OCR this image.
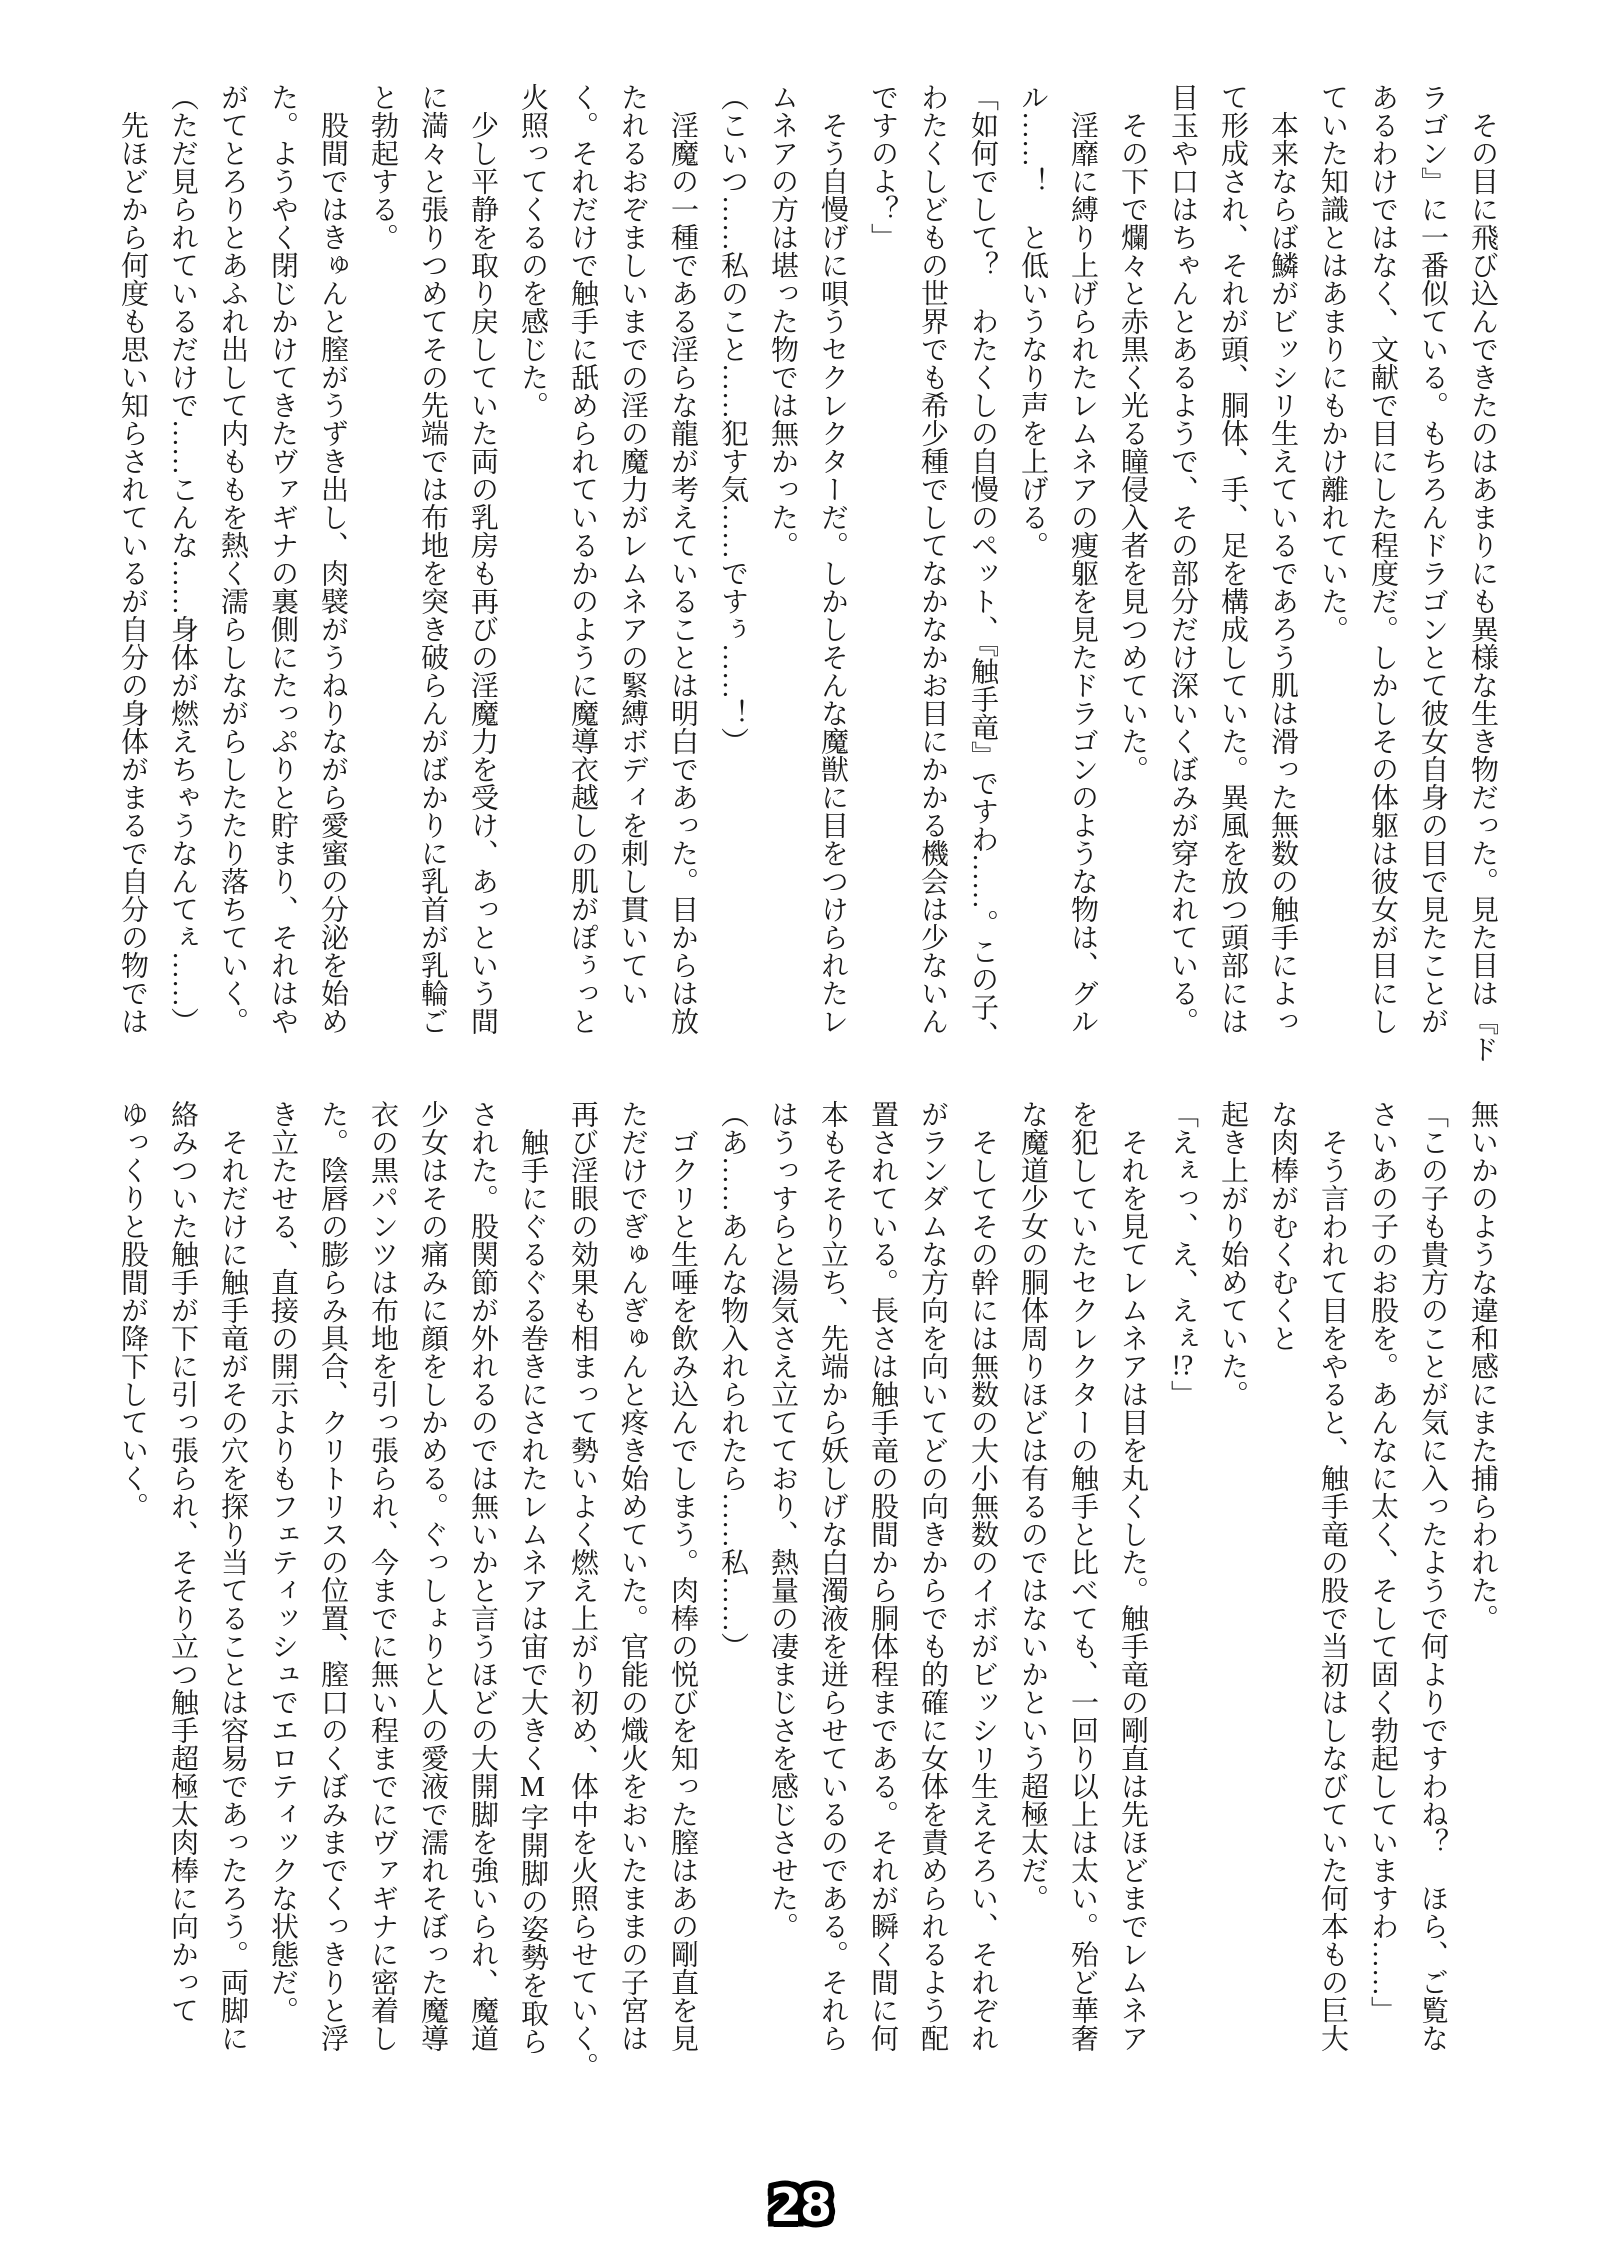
　その目に飛び込んできたのはあまりにも異様な生き物だった。見た目は『ド
ラゴン』に一番似ている。もちろんドラゴンとて彼女自身の目で見たことが
あるわけではなく、文献で目にした程度だ。しかしその体躯は彼女が目にし
ていた知識とはあまりにもかけ離れていた。
　本来ならば鱗がビッシリ生えているであろう肌は滑った無数の触手によっ
て形成され、それが頭、胴体、手、足を構成していた。異風を放つ頭部には
目玉や口はちゃんとあるようで、その部分だけ深いくぼみが穿たれている。
　その下で爛々と赤黒く光る瞳侵入者を見つめていた。
　淫靡に縛り上げられたレムネアの痩躯を見たドラゴンのような物は、グル
ル……！　と低いうなり声を上げる。
「如何でして？　わたくしの自慢のペット、『触手竜』ですわ……。この子、
わたくしどもの世界でも希少種でしてなかなかお目にかかる機会は少ないん
ですのよ？」
　そう自慢げに唄うセクレクターだ。しかしそんな魔獣に目をつけられたレ
ムネアの方は堪った物では無かった。
（こいつ……私のこと……犯す気……ですぅ……！）
　淫魔の一種である淫らな龍が考えていることは明白であった。目からは放
たれるおぞましいまでの淫の魔力がレムネアの緊縛ボディを刺し貫いてい
く。それだけで触手に舐められているかのように魔導衣越しの肌がぽぅっと
火照ってくるのを感じた。
　少し平静を取り戻していた両の乳房も再びの淫魔力を受け、あっという間
に満々と張りつめてその先端では布地を突き破らんがばかりに乳首が乳輪ご
と勃起する。
　股間ではきゅんと膣がうずき出し、肉襞がうねりながら愛蜜の分泌を始め
た。ようやく閉じかけてきたヴァギナの裏側にたっぷりと貯まり、それはや
がてとろりとあふれ出して内ももを熱く濡らしながらしたたり落ちていく。
（ただ見られているだけで……こんな……身体が燃えちゃうなんてぇ……）
　先ほどから何度も思い知らされているが自分の身体がまるで自分の物では
無いかのような違和感にまた捕らわれた。
「この子も貴方のことが気に入ったようで何よりですわね？　ほら、ご覧な
さいあの子のお股を。あんなに太く、そして固く勃起していますわ……」
　そう言われて目をやると、触手竜の股で当初はしなびていた何本もの巨大
な肉棒がむくむくと
起き上がり始めていた。
「えぇっ、え、えぇ!?」
　それを見てレムネアは目を丸くした。触手竜の剛直は先ほどまでレムネア
を犯していたセクレクターの触手と比べても、一回り以上は太い。殆ど華奢
な魔道少女の胴体周りほどは有るのではないかという超極太だ。
　そしてその幹には無数の大小無数のイボがビッシリ生えそろい、それぞれ
がランダムな方向を向いてどの向きからでも的確に女体を責められるよう配
置されている。長さは触手竜の股間から胴体程まである。それが瞬く間に何
本もそそり立ち、先端から妖しげな白濁液を迸らせているのである。それら
はうっすらと湯気さえ立てており、熱量の凄まじさを感じさせた。
（あ……あんな物入れられたら……私……）
　ゴクリと生唾を飲み込んでしまう。肉棒の悦びを知った膣はあの剛直を見
ただけでぎゅんぎゅんと疼き始めていた。官能の熾火をおいたままの子宮は
再び淫眼の効果も相まって勢いよく燃え上がり初め、体中を火照らせていく。
　触手にぐるぐる巻きにされたレムネアは宙で大きくM字開脚の姿勢を取ら
された。股関節が外れるのでは無いかと言うほどの大開脚を強いられ、魔道
少女はその痛みに顔をしかめる。ぐっしょりと人の愛液で濡れそぼった魔導
衣の黒パンツは布地を引っ張られ、今までに無い程までにヴァギナに密着し
た。陰唇の膨らみ具合、クリトリスの位置、膣口のくぼみまでくっきりと浮
き立たせる、直接の開示よりもフェティッシュでエロティックな状態だ。
　それだけに触手竜がその穴を探り当てることは容易であったろう。両脚に
絡みついた触手が下に引っ張られ、そそり立つ触手超極太肉棒に向かって
ゆっくりと股間が降下していく。
28
